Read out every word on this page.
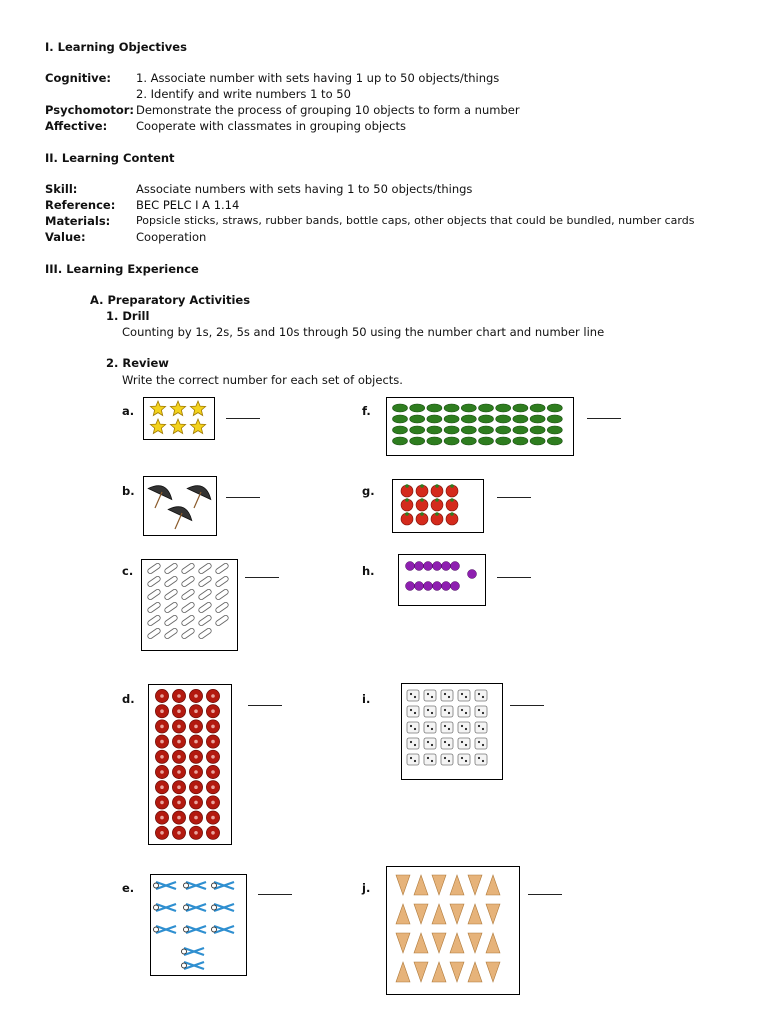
I. Learning Objectives
Cognitive: 1. Associate number with sets having 1 up to 50 objects/things
2. Identify and write numbers 1 to 50
Psychomotor: Demonstrate the process of grouping 10 objects to form a number
Affective:	Cooperate with classmates in grouping objects
II. Learning Content
Skill:	Associate numbers with sets having 1 to 50 objects/things
Reference: BEC PELC I A 1.14
Materials: Popsicle sticks, straws, rubber bands, bottle caps, other objects that could be bundled, number cards
Value:	Cooperation
III. Learning Experience
A. Preparatory Activities
1. Drill
Counting by 1s, 2s, 5s and 10s through 50 using the number chart and number line
2. Review
Write the correct number for each set of objects.
a.
b.
c.
d.
e.
f.
g.
h.
i.
j.
